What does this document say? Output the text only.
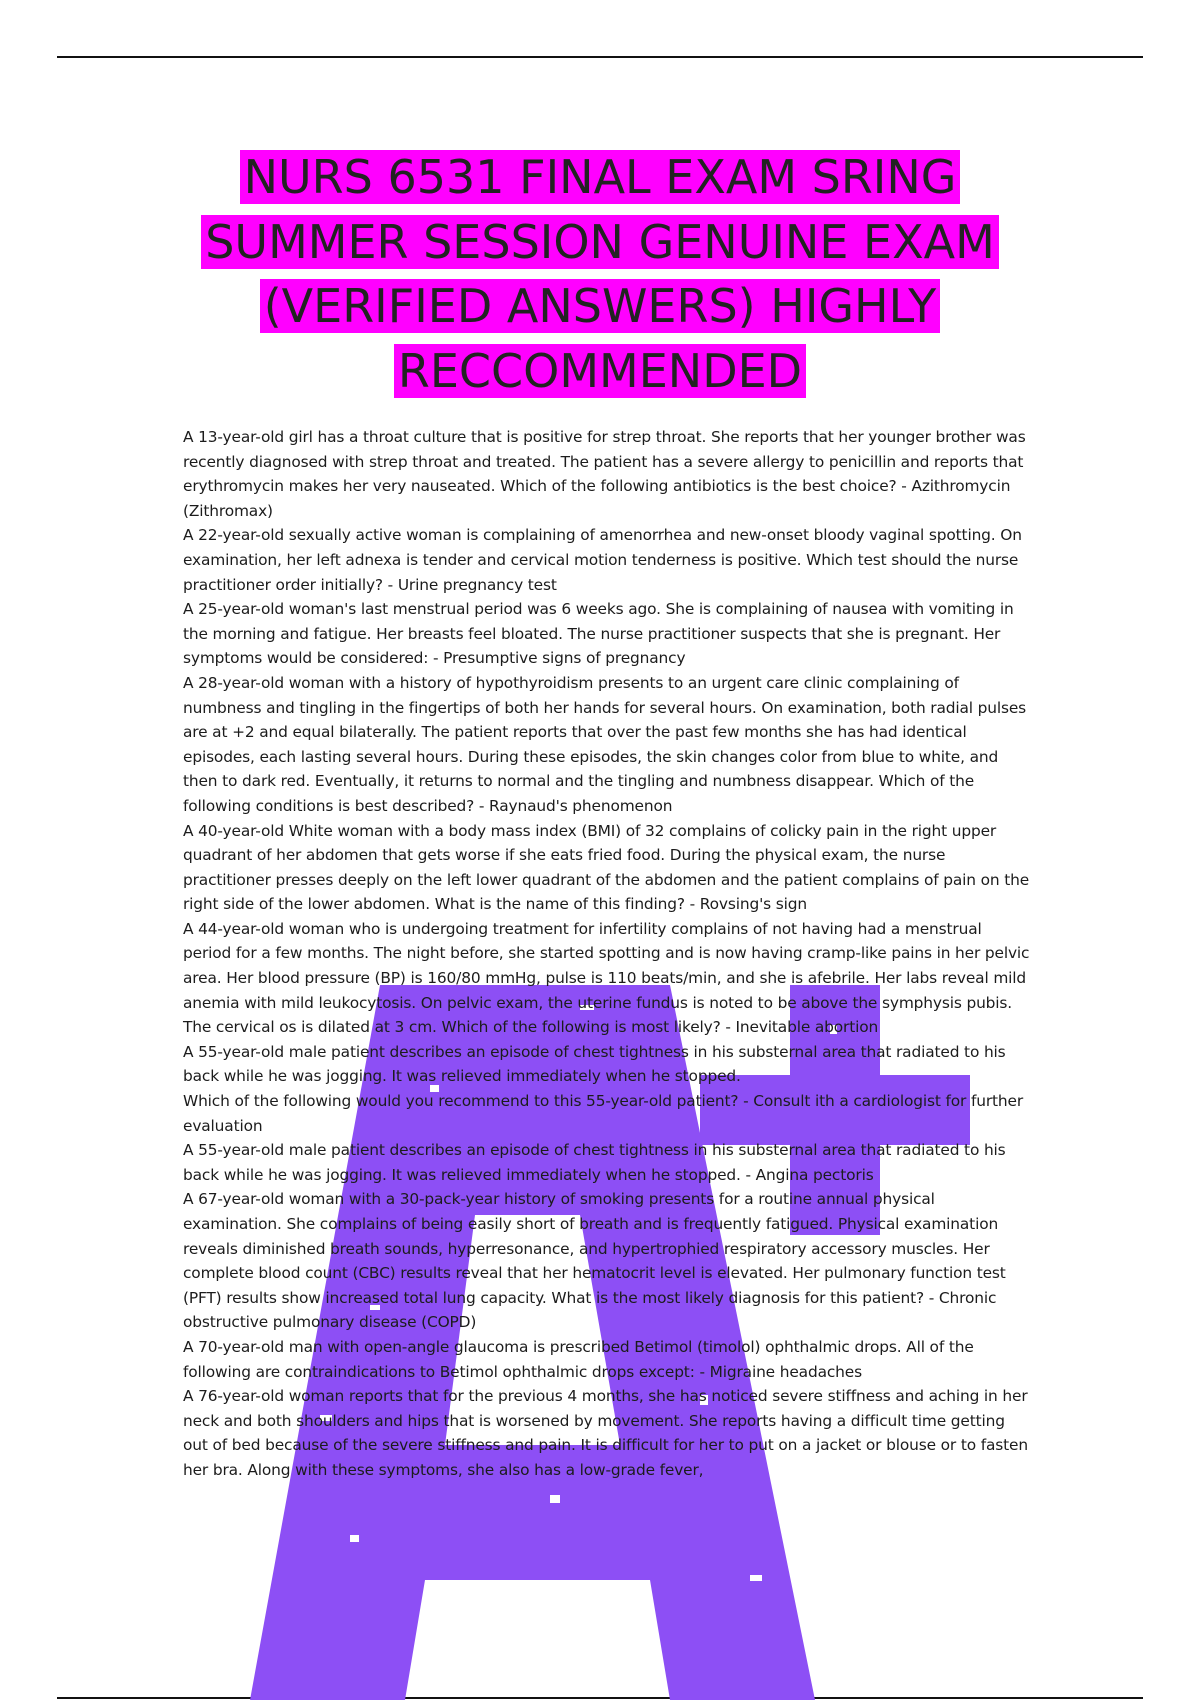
NURS 6531 FINAL EXAM SRING SUMMER SESSION GENUINE EXAM (VERIFIED ANSWERS) HIGHLY RECCOMMENDED

A 13-year-old girl has a throat culture that is positive for strep throat. She reports that her younger brother was recently diagnosed with strep throat and treated. The patient has a severe allergy to penicillin and reports that erythromycin makes her very nauseated. Which of the following antibiotics is the best choice? - Azithromycin (Zithromax)

A 22-year-old sexually active woman is complaining of amenorrhea and new-onset bloody vaginal spotting. On examination, her left adnexa is tender and cervical motion tenderness is positive. Which test should the nurse practitioner order initially? - Urine pregnancy test

A 25-year-old woman's last menstrual period was 6 weeks ago. She is complaining of nausea with vomiting in the morning and fatigue. Her breasts feel bloated. The nurse practitioner suspects that she is pregnant. Her symptoms would be considered: - Presumptive signs of pregnancy

A 28-year-old woman with a history of hypothyroidism presents to an urgent care clinic complaining of numbness and tingling in the fingertips of both her hands for several hours. On examination, both radial pulses are at +2 and equal bilaterally. The patient reports that over the past few months she has had identical episodes, each lasting several hours. During these episodes, the skin changes color from blue to white, and then to dark red. Eventually, it returns to normal and the tingling and numbness disappear. Which of the following conditions is best described? - Raynaud's phenomenon

A 40-year-old White woman with a body mass index (BMI) of 32 complains of colicky pain in the right upper quadrant of her abdomen that gets worse if she eats fried food. During the physical exam, the nurse practitioner presses deeply on the left lower quadrant of the abdomen and the patient complains of pain on the right side of the lower abdomen. What is the name of this finding? - Rovsing's sign

A 44-year-old woman who is undergoing treatment for infertility complains of not having had a menstrual period for a few months. The night before, she started spotting and is now having cramp-like pains in her pelvic area. Her blood pressure (BP) is 160/80 mmHg, pulse is 110 beats/min, and she is afebrile. Her labs reveal mild anemia with mild leukocytosis. On pelvic exam, the uterine fundus is noted to be above the symphysis pubis. The cervical os is dilated at 3 cm. Which of the following is most likely? - Inevitable abortion

A 55-year-old male patient describes an episode of chest tightness in his substernal area that radiated to his back while he was jogging. It was relieved immediately when he stopped.

Which of the following would you recommend to this 55-year-old patient? - Consult ith a cardiologist for further evaluation

A 55-year-old male patient describes an episode of chest tightness in his substernal area that radiated to his back while he was jogging. It was relieved immediately when he stopped. - Angina pectoris

A 67-year-old woman with a 30-pack-year history of smoking presents for a routine annual physical examination. She complains of being easily short of breath and is frequently fatigued. Physical examination reveals diminished breath sounds, hyperresonance, and hypertrophied respiratory accessory muscles. Her complete blood count (CBC) results reveal that her hematocrit level is elevated. Her pulmonary function test (PFT) results show increased total lung capacity. What is the most likely diagnosis for this patient? - Chronic obstructive pulmonary disease (COPD)

A 70-year-old man with open-angle glaucoma is prescribed Betimol (timolol) ophthalmic drops. All of the following are contraindications to Betimol ophthalmic drops except: - Migraine headaches

A 76-year-old woman reports that for the previous 4 months, she has noticed severe stiffness and aching in her neck and both shoulders and hips that is worsened by movement. She reports having a difficult time getting out of bed because of the severe stiffness and pain. It is difficult for her to put on a jacket or blouse or to fasten her bra. Along with these symptoms, she also has a low-grade fever,
